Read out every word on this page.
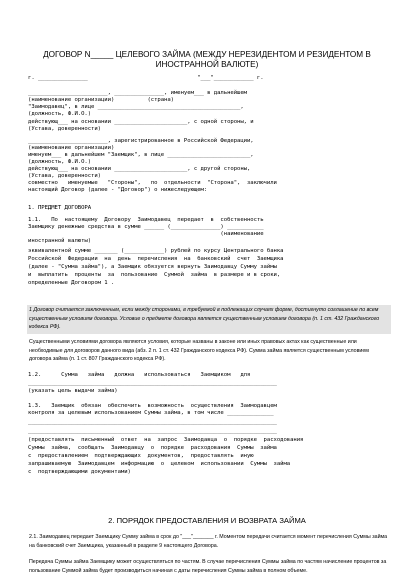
ДОГОВОР N_____ ЦЕЛЕВОГО ЗАЙМА (МЕЖДУ НЕРЕЗИДЕНТОМ И РЕЗИДЕНТОМ В ИНОСТРАННОЙ ВАЛЮТЕ)
г. _______________                                 "___"____________ г.
________________________, _______________, именуем___ в дальнейшем
(наименование организации)          (страна)
"Заимодавец", в лице ___________________________________________,
(должность, Ф.И.О.)
действующ___ на основании ______________________, с одной стороны, и
(Устава, доверенности)
________________________, зарегистрированное в Российской Федерации,
(наименование организации)
именуем___ в дальнейшем "Заемщик", в лице _________________________,
(должность, Ф.И.О.)
действующ___ на основании ______________________, с другой стороны,
(Устава, доверенности)
совместно   именуемые   "Стороны",   по  отдельности  "Сторона",  заключили
настоящий Договор (далее - "Договор") о нижеследующем:
1. ПРЕДМЕТ ДОГОВОРА
1.1.   По  настоящему  Договору  Заимодавец  передает  в  собственность
Заемщику денежные средства в сумме ______ (_______________) ___________
(наименование
иностранной валюты)
эквивалентной сумме _______ (____________) рублей по курсу Центрального банка
Российской  Федерации  на  день  перечисления  на  банковский  счет  Заемщика
(далее - "Сумма займа"), а Заемщик обязуется вернуть Заимодавцу Сумму займы
и  выплатить  проценты  за  пользование  Суммой  займа  в размере и в сроки,
определенные Договором 1 .
1 Договор считается заключенным, если между сторонами, в требуемой в подлежащих случаях форме, достигнуто соглашение по всем существенным условиям договора. Условие о предмете договора является существенным условием договора (п. 1 ст. 432 Гражданского кодекса РФ).
Существенными условиями договора являются условия, которые названы в законе или иных правовых актах как существенные или необходимые для договоров данного вида (абз. 2 п. 1 ст. 432 Гражданского кодекса РФ). Сумма займа является существенным условием договора займа (п. 1 ст. 807 Гражданского кодекса РФ).
1.2.      Сумма   займа   должна   использоваться   Заемщиком   для
___________________________________________________________________________
(указать цель выдачи займа)
1.3.   Заемщик  обязан  обеспечить  возможность  осуществления  Заимодавцем
контроля за целевым использованием Суммы займа, в том числе ______________
___________________________________________________________________________
___________________________________________________________________________
(предоставлять  письменный  ответ  на  запрос  Заимодавца  о  порядке  расходования
Суммы  займа,  сообщать  Заимодавцу  о  порядке  расходования  Суммы  займа
с  предоставлением  подтверждающих  документов,  предоставлять  иную
запрашиваемую  Заимодавцем  информацию  о  целевом  использовании  Суммы  займа
с  подтверждающими документами)
2. ПОРЯДОК ПРЕДОСТАВЛЕНИЯ И ВОЗВРАТА ЗАЙМА
2.1. Заимодавец передает Заемщику Сумму займа в срок до "___"_______ г. Моментом передачи считается момент перечисления Суммы займа на банковский счет Заемщика, указанный в разделе 9 настоящего Договора.
Передача Суммы займа Заемщику может осуществляться по частям. В случае перечисления Суммы займа по частям начисление процентов за пользование Суммой займа будет производиться начиная с даты перечисления Суммы займа в полном объеме.
